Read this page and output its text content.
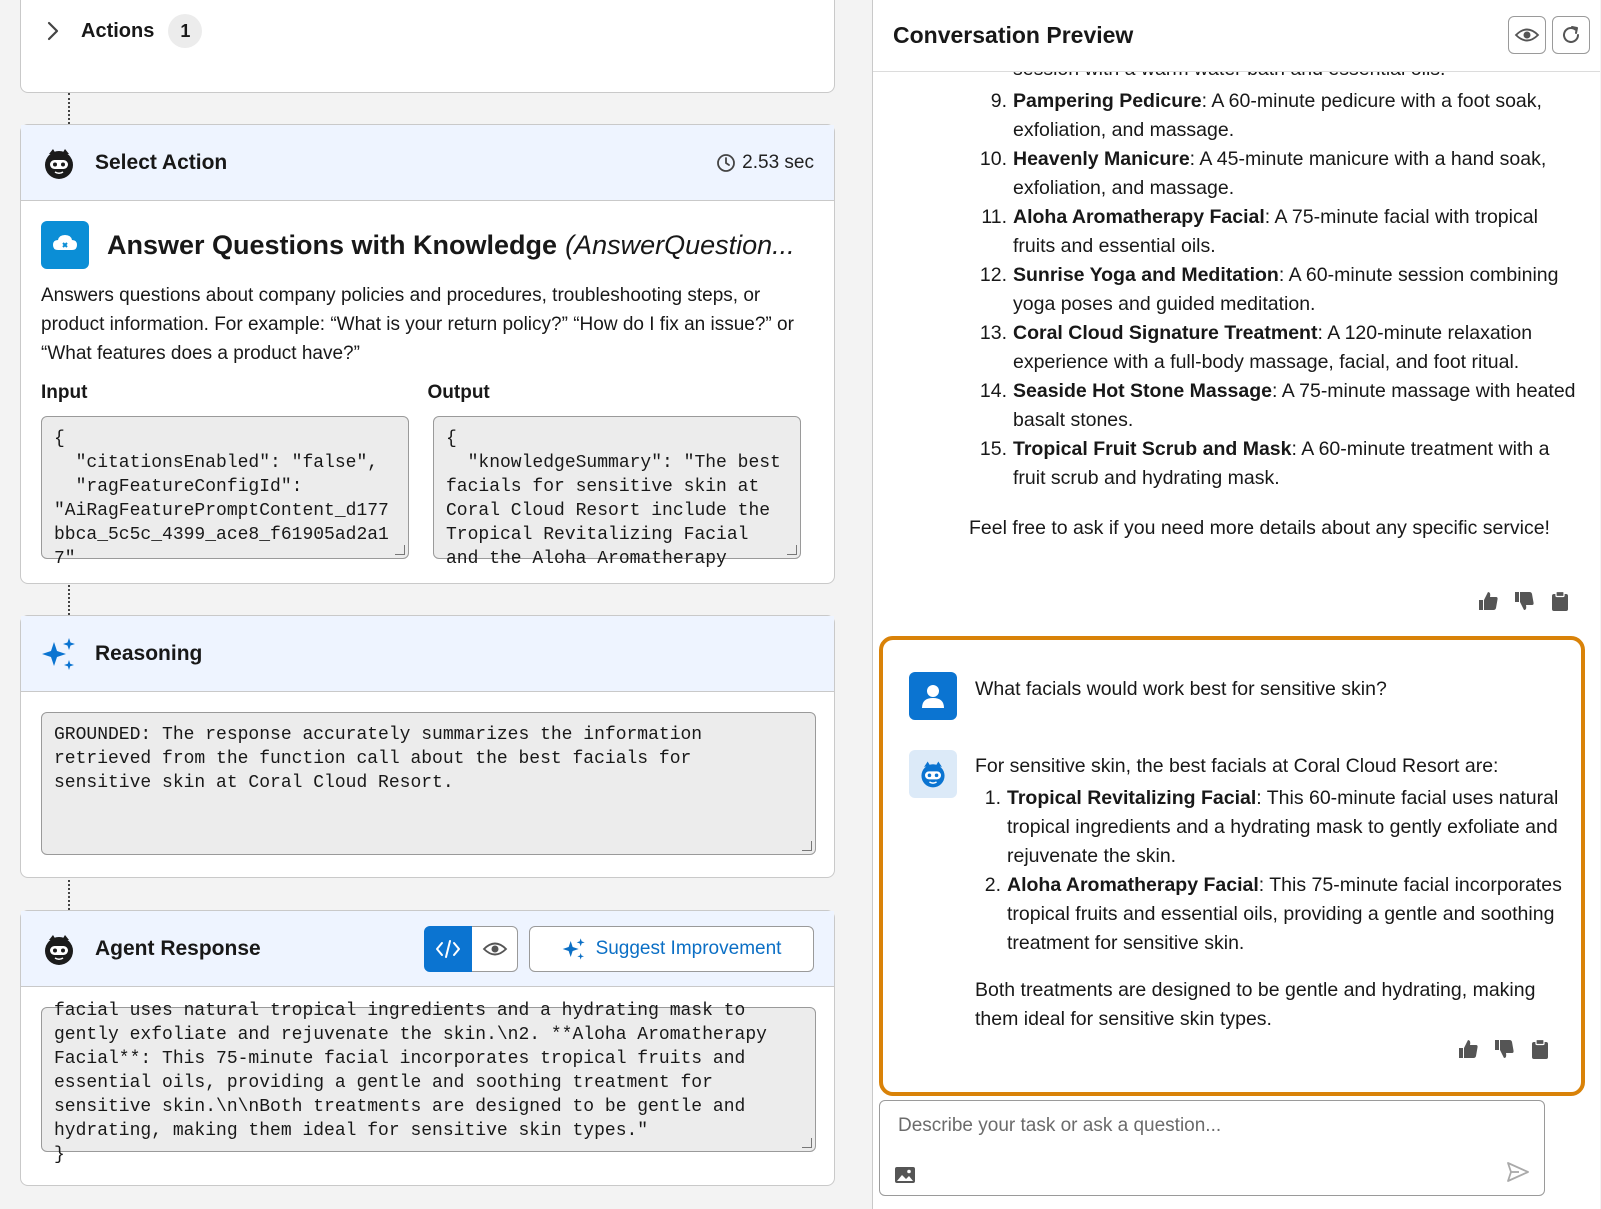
Actions	1
Select Action	2.53 sec
Answer Questions with Knowledge (AnswerQuestion...

Answers questions about company policies and procedures, troubleshooting steps, or product information. For example: “What is your return policy?” “How do I fix an issue?” or “What features does a product have?”

Input	Output
{
"citationsEnabled": "false",
"ragFeatureConfigId":
"AiRagFeaturePromptContent_d177
bbca_5c5c_4399_ace8_f61905ad2a1
7"
{
"knowledgeSummary": "The best
facials for sensitive skin at
Coral Cloud Resort include the
Tropical Revitalizing Facial
and the Aloha Aromatherapy
Reasoning
GROUNDED: The response accurately summarizes the information
retrieved from the function call about the best facials for
sensitive skin at Coral Cloud Resort.
Agent Response	Suggest Improvement
facial uses natural tropical ingredients and a hydrating mask to
gently exfoliate and rejuvenate the skin.\n2. **Aloha Aromatherapy
Facial**: This 75-minute facial incorporates tropical fruits and
essential oils, providing a gentle and soothing treatment for
sensitive skin.\n\nBoth treatments are designed to be gentle and
hydrating, making them ideal for sensitive skin types."
}
Conversation Preview
9. Pampering Pedicure: A 60-minute pedicure with a foot soak, exfoliation, and massage.
10. Heavenly Manicure: A 45-minute manicure with a hand soak, exfoliation, and massage.
11. Aloha Aromatherapy Facial: A 75-minute facial with tropical fruits and essential oils.
12. Sunrise Yoga and Meditation: A 60-minute session combining yoga poses and guided meditation.
13. Coral Cloud Signature Treatment: A 120-minute relaxation experience with a full-body massage, facial, and foot ritual.
14. Seaside Hot Stone Massage: A 75-minute massage with heated basalt stones.
15. Tropical Fruit Scrub and Mask: A 60-minute treatment with a fruit scrub and hydrating mask.
Feel free to ask if you need more details about any specific service!
What facials would work best for sensitive skin?
For sensitive skin, the best facials at Coral Cloud Resort are:
1. Tropical Revitalizing Facial: This 60-minute facial uses natural tropical ingredients and a hydrating mask to gently exfoliate and rejuvenate the skin.
2. Aloha Aromatherapy Facial: This 75-minute facial incorporates tropical fruits and essential oils, providing a gentle and soothing treatment for sensitive skin.
Both treatments are designed to be gentle and hydrating, making them ideal for sensitive skin types.
Describe your task or ask a question...
